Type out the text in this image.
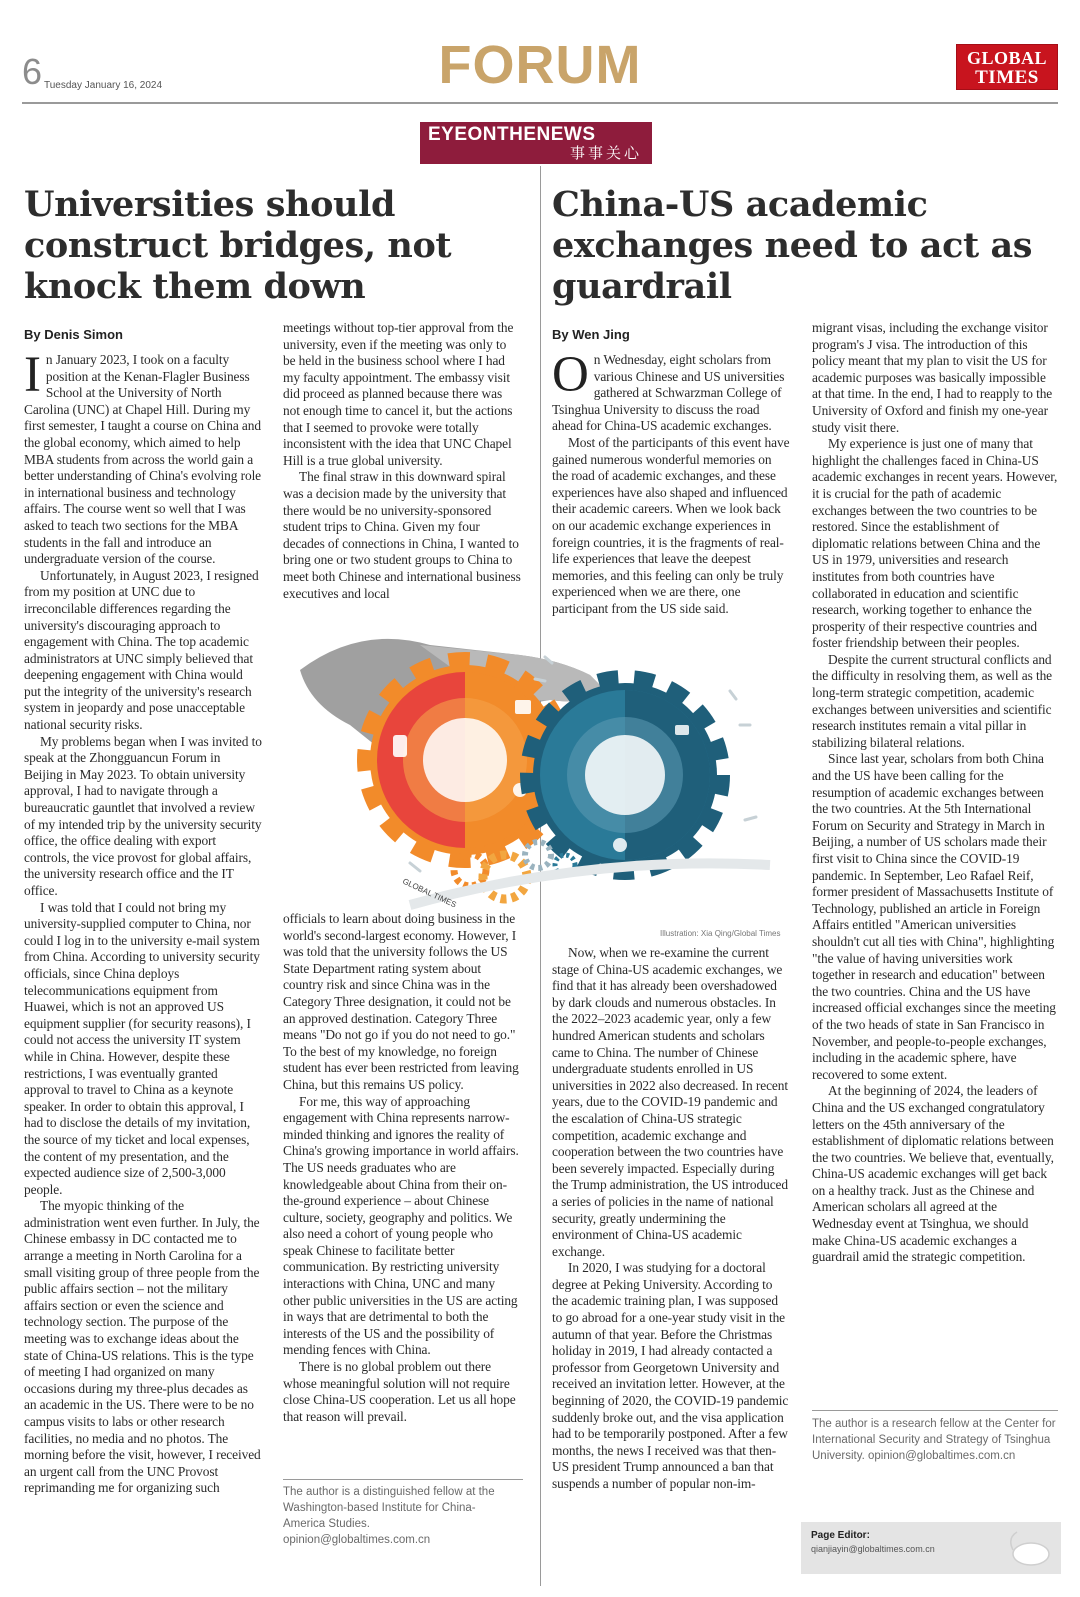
6 Tuesday January 16, 2024	FORUM	GLOBAL
TIMES
EYEONTHENEWS
事事关心
Universities should construct bridges, not knock them down
China-US academic exchanges need to act as guardrail
By Denis Simon

In January 2023, I took on a faculty position at the Kenan-Flagler Business School at the University of North Carolina (UNC) at Chapel Hill. During my first semester, I taught a course on China and the global economy, which aimed to help MBA students from across the world gain a better understanding of China's evolving role in international business and technology affairs. The course went so well that I was asked to teach two sections for the MBA students in the fall and introduce an undergraduate version of the course.

Unfortunately, in August 2023, I resigned from my position at UNC due to irreconcilable differences regarding the university's discouraging approach to engagement with China. The top academic administrators at UNC simply believed that deepening engagement with China would put the integrity of the university's research system in jeopardy and pose unacceptable national security risks.

My problems began when I was invited to speak at the Zhongguancun Forum in Beijing in May 2023. To obtain university approval, I had to navigate through a bureaucratic gauntlet that involved a review of my intended trip by the university security office, the office dealing with export controls, the vice provost for global affairs, the university research office and the IT office.

I was told that I could not bring my university-supplied computer to China, nor could I log in to the university e-mail system from China. According to university security officials, since China deploys telecommunications equipment from Huawei, which is not an approved US equipment supplier (for security reasons), I could not access the university IT system while in China. However, despite these restrictions, I was eventually granted approval to travel to China as a keynote speaker. In order to obtain this approval, I had to disclose the details of my invitation, the source of my ticket and local expenses, the content of my presentation, and the expected audience size of 2,500-3,000 people.

The myopic thinking of the administration went even further. In July, the Chinese embassy in DC contacted me to arrange a meeting in North Carolina for a small visiting group of three people from the public affairs section – not the military affairs section or even the science and technology section. The purpose of the meeting was to exchange ideas about the state of China-US relations. This is the type of meeting I had organized on many occasions during my three-plus decades as an academic in the US. There were to be no campus visits to labs or other research facilities, no media and no photos. The morning before the visit, however, I received an urgent call from the UNC Provost reprimanding me for organizing such

meetings without top-tier approval from the university, even if the meeting was only to be held in the business school where I had my faculty appointment. The embassy visit did proceed as planned because there was not enough time to cancel it, but the actions that I seemed to provoke were totally inconsistent with the idea that UNC Chapel Hill is a true global university.

The final straw in this downward spiral was a decision made by the university that there would be no university-sponsored student trips to China. Given my four decades of connections in China, I wanted to bring one or two student groups to China to meet both Chinese and international business executives and local

officials to learn about doing business in the world's second-largest economy. However, I was told that the university follows the US State Department rating system about country risk and since China was in the Category Three designation, it could not be an approved destination. Category Three means "Do not go if you do not need to go." To the best of my knowledge, no foreign student has ever been restricted from leaving China, but this remains US policy.

For me, this way of approaching engagement with China represents narrow-minded thinking and ignores the reality of China's growing importance in world affairs. The US needs graduates who are knowledgeable about China from their on-the-ground experience – about Chinese culture, society, geography and politics. We also need a cohort of young people who speak Chinese to facilitate better communication. By restricting university interactions with China, UNC and many other public universities in the US are acting in ways that are detrimental to both the interests of the US and the possibility of mending fences with China.

There is no global problem out there whose meaningful solution will not require close China-US cooperation. Let us all hope that reason will prevail.

The author is a distinguished fellow at the Washington-based Institute for China-America Studies. opinion@globaltimes.com.cn
By Wen Jing

On Wednesday, eight scholars from various Chinese and US universities gathered at Schwarzman College of Tsinghua University to discuss the road ahead for China-US academic exchanges.

Most of the participants of this event have gained numerous wonderful memories on the road of academic exchanges, and these experiences have also shaped and influenced their academic careers. When we look back on our academic exchange experiences in foreign countries, it is the fragments of real-life experiences that leave the deepest memories, and this feeling can only be truly experienced when we are there, one participant from the US side said.

Now, when we re-examine the current stage of China-US academic exchanges, we find that it has already been overshadowed by dark clouds and numerous obstacles. In the 2022–2023 academic year, only a few hundred American students and scholars came to China. The number of Chinese undergraduate students enrolled in US universities in 2022 also decreased. In recent years, due to the COVID-19 pandemic and the escalation of China-US strategic competition, academic exchange and cooperation between the two countries have been severely impacted. Especially during the Trump administration, the US introduced a series of policies in the name of national security, greatly undermining the environment of China-US academic exchange.

In 2020, I was studying for a doctoral degree at Peking University. According to the academic training plan, I was supposed to go abroad for a one-year study visit in the autumn of that year. Before the Christmas holiday in 2019, I had already contacted a professor from Georgetown University and received an invitation letter. However, at the beginning of 2020, the COVID-19 pandemic suddenly broke out, and the visa application had to be temporarily postponed. After a few months, the news I received was that then-US president Trump announced a ban that suspends a number of popular non-im-

migrant visas, including the exchange visitor program's J visa. The introduction of this policy meant that my plan to visit the US for academic purposes was basically impossible at that time. In the end, I had to reapply to the University of Oxford and finish my one-year study visit there.

My experience is just one of many that highlight the challenges faced in China-US academic exchanges in recent years. However, it is crucial for the path of academic exchanges between the two countries to be restored. Since the establishment of diplomatic relations between China and the US in 1979, universities and research institutes from both countries have collaborated in education and scientific research, working together to enhance the prosperity of their respective countries and foster friendship between their peoples.

Despite the current structural conflicts and the difficulty in resolving them, as well as the long-term strategic competition, academic exchanges between universities and scientific research institutes remain a vital pillar in stabilizing bilateral relations.

Since last year, scholars from both China and the US have been calling for the resumption of academic exchanges between the two countries. At the 5th International Forum on Security and Strategy in March in Beijing, a number of US scholars made their first visit to China since the COVID-19 pandemic. In September, Leo Rafael Reif, former president of Massachusetts Institute of Technology, published an article in Foreign Affairs entitled "American universities shouldn't cut all ties with China", highlighting "the value of having universities work together in research and education" between the two countries. China and the US have increased official exchanges since the meeting of the two heads of state in San Francisco in November, and people-to-people exchanges, including in the academic sphere, have recovered to some extent.

At the beginning of 2024, the leaders of China and the US exchanged congratulatory letters on the 45th anniversary of the establishment of diplomatic relations between the two countries. We believe that, eventually, China-US academic exchanges will get back on a healthy track. Just as the Chinese and American scholars all agreed at the Wednesday event at Tsinghua, we should make China-US academic exchanges a guardrail amid the strategic competition.

The author is a research fellow at the Center for International Security and Strategy of Tsinghua University. opinion@globaltimes.com.cn
GLOBAL TIMES
Illustration: Xia Qing/Global Times
Page Editor:
qianjiayin@globaltimes.com.cn
